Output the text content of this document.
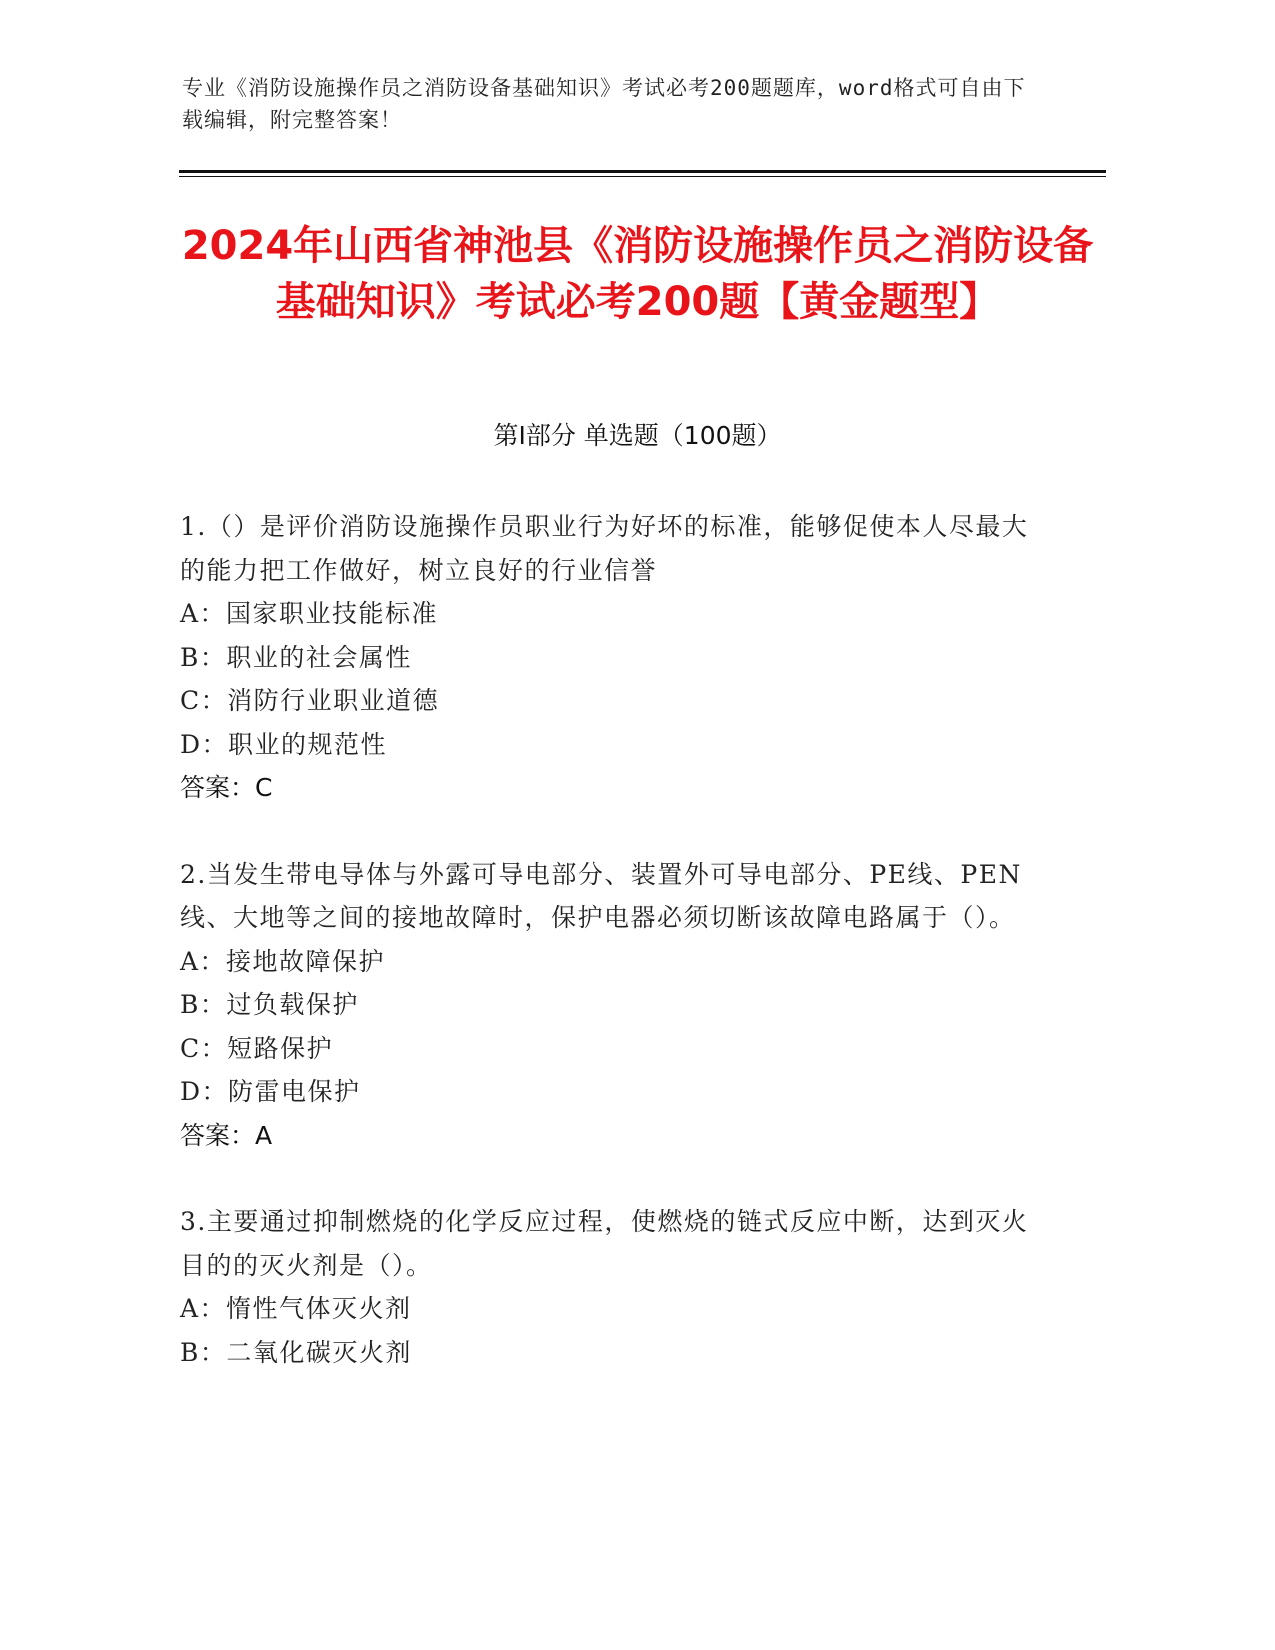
专业《消防设施操作员之消防设备基础知识》考试必考200题题库，word格式可自由下载编辑，附完整答案！
2024年山西省神池县《消防设施操作员之消防设备基础知识》考试必考200题【黄金题型】
第Ⅰ部分 单选题（100题）
1.（）是评价消防设施操作员职业行为好坏的标准，能够促使本人尽最大的能力把工作做好，树立良好的行业信誉
A：国家职业技能标准
B：职业的社会属性
C：消防行业职业道德
D：职业的规范性
答案：C
2.当发生带电导体与外露可导电部分、装置外可导电部分、PE线、PEN线、大地等之间的接地故障时，保护电器必须切断该故障电路属于（）。
A：接地故障保护
B：过负载保护
C：短路保护
D：防雷电保护
答案：A
3.主要通过抑制燃烧的化学反应过程，使燃烧的链式反应中断，达到灭火目的的灭火剂是（）。
A：惰性气体灭火剂
B：二氧化碳灭火剂
